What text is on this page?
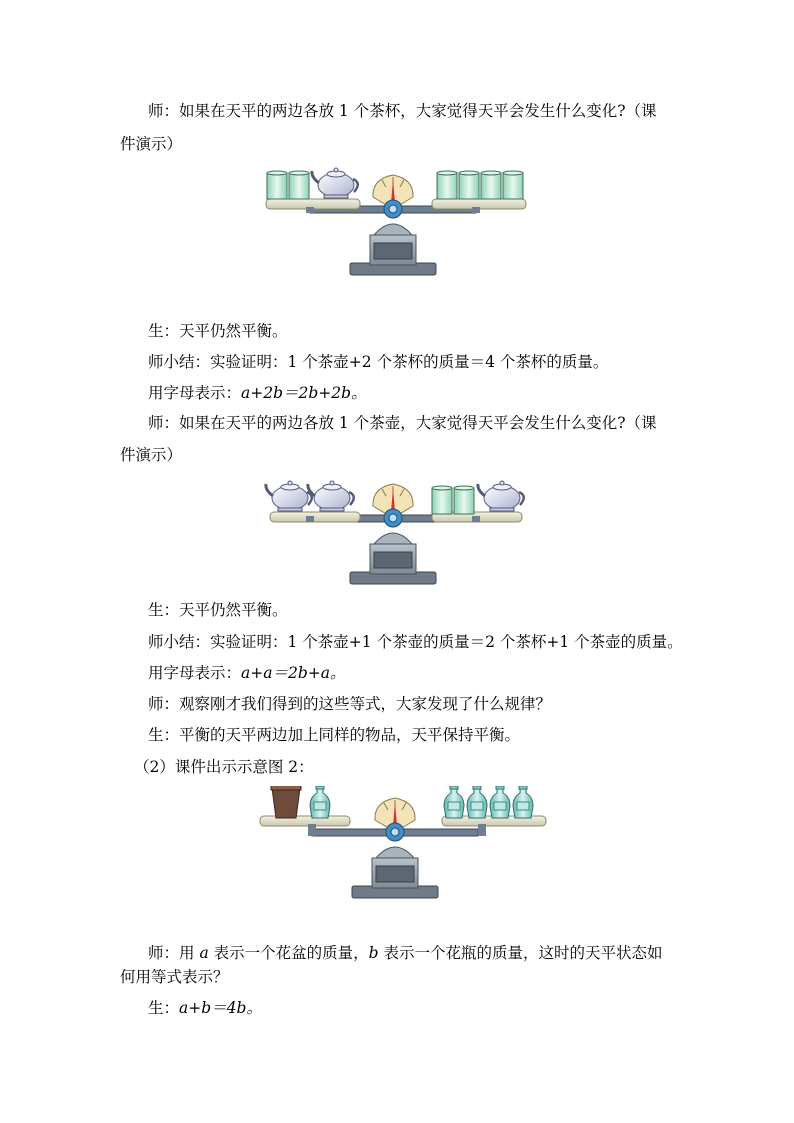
师：如果在天平的两边各放 1 个茶杯，大家觉得天平会发生什么变化?（课
件演示）
生：天平仍然平衡。
师小结：实验证明：1 个茶壶+2 个茶杯的质量＝4 个茶杯的质量。
用字母表示：a+2b＝2b+2b。
师：如果在天平的两边各放 1 个茶壶，大家觉得天平会发生什么变化?（课
件演示）
生：天平仍然平衡。
师小结：实验证明：1 个茶壶+1 个茶壶的质量＝2 个茶杯+1 个茶壶的质量。
用字母表示：a+a＝2b+a。
师：观察刚才我们得到的这些等式，大家发现了什么规律？
生：平衡的天平两边加上同样的物品，天平保持平衡。
（2）课件出示示意图 2：
师：用 a 表示一个花盆的质量，b 表示一个花瓶的质量，这时的天平状态如
何用等式表示？
生：a+b＝4b。
